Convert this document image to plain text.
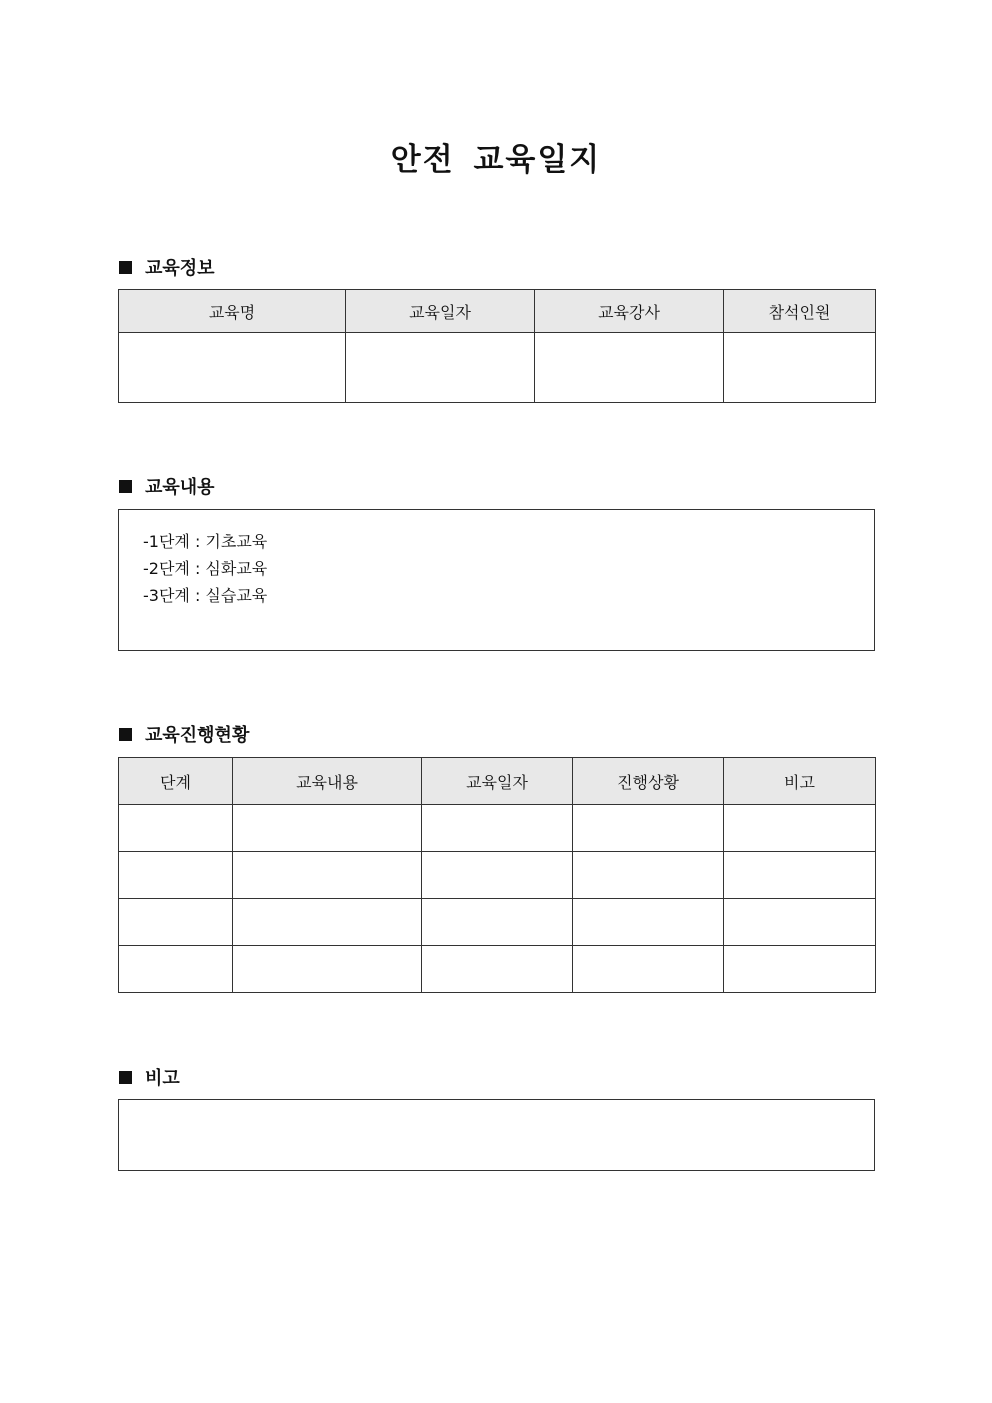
안전 교육일지
교육정보
교육명	교육일자	교육강사	참석인원

교육내용
-1단계 : 기초교육
-2단계 : 심화교육
-3단계 : 실습교육
교육진행현황
단계	교육내용	교육일자	진행상황	비고

비고
